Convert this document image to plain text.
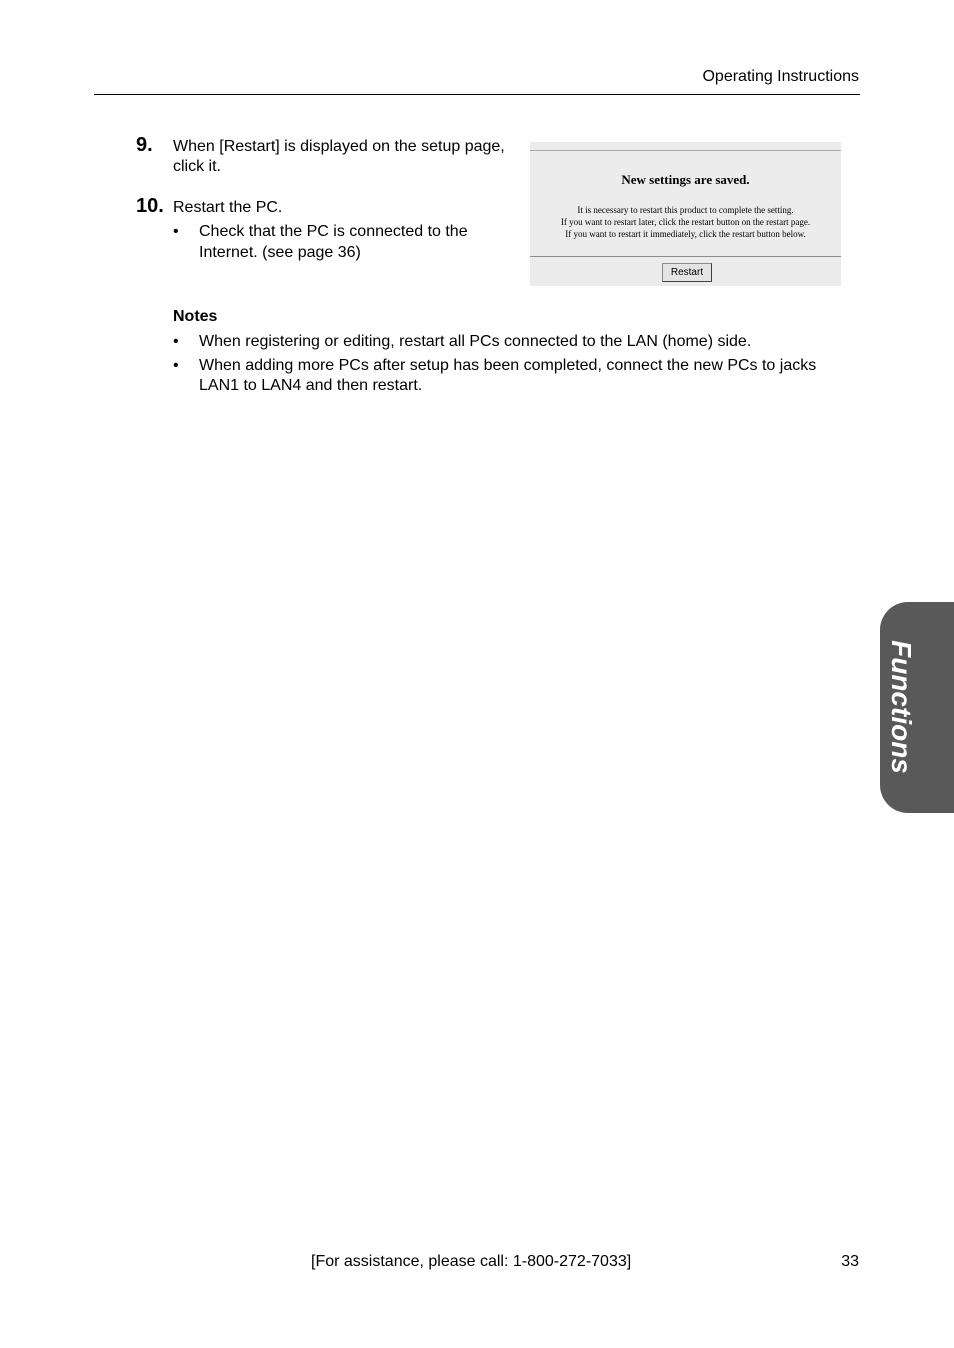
Operating Instructions
9. When [Restart] is displayed on the setup page,
click it.
10. Restart the PC.
• Check that the PC is connected to the
Internet. (see page 36)
New settings are saved.
It is necessary to restart this product to complete the setting.
If you want to restart later, click the restart button on the restart page.
If you want to restart it immediately, click the restart button below.
Restart
Notes
• When registering or editing, restart all PCs connected to the LAN (home) side.
• When adding more PCs after setup has been completed, connect the new PCs to jacks
LAN1 to LAN4 and then restart.
Functions
[For assistance, please call: 1-800-272-7033]	33
